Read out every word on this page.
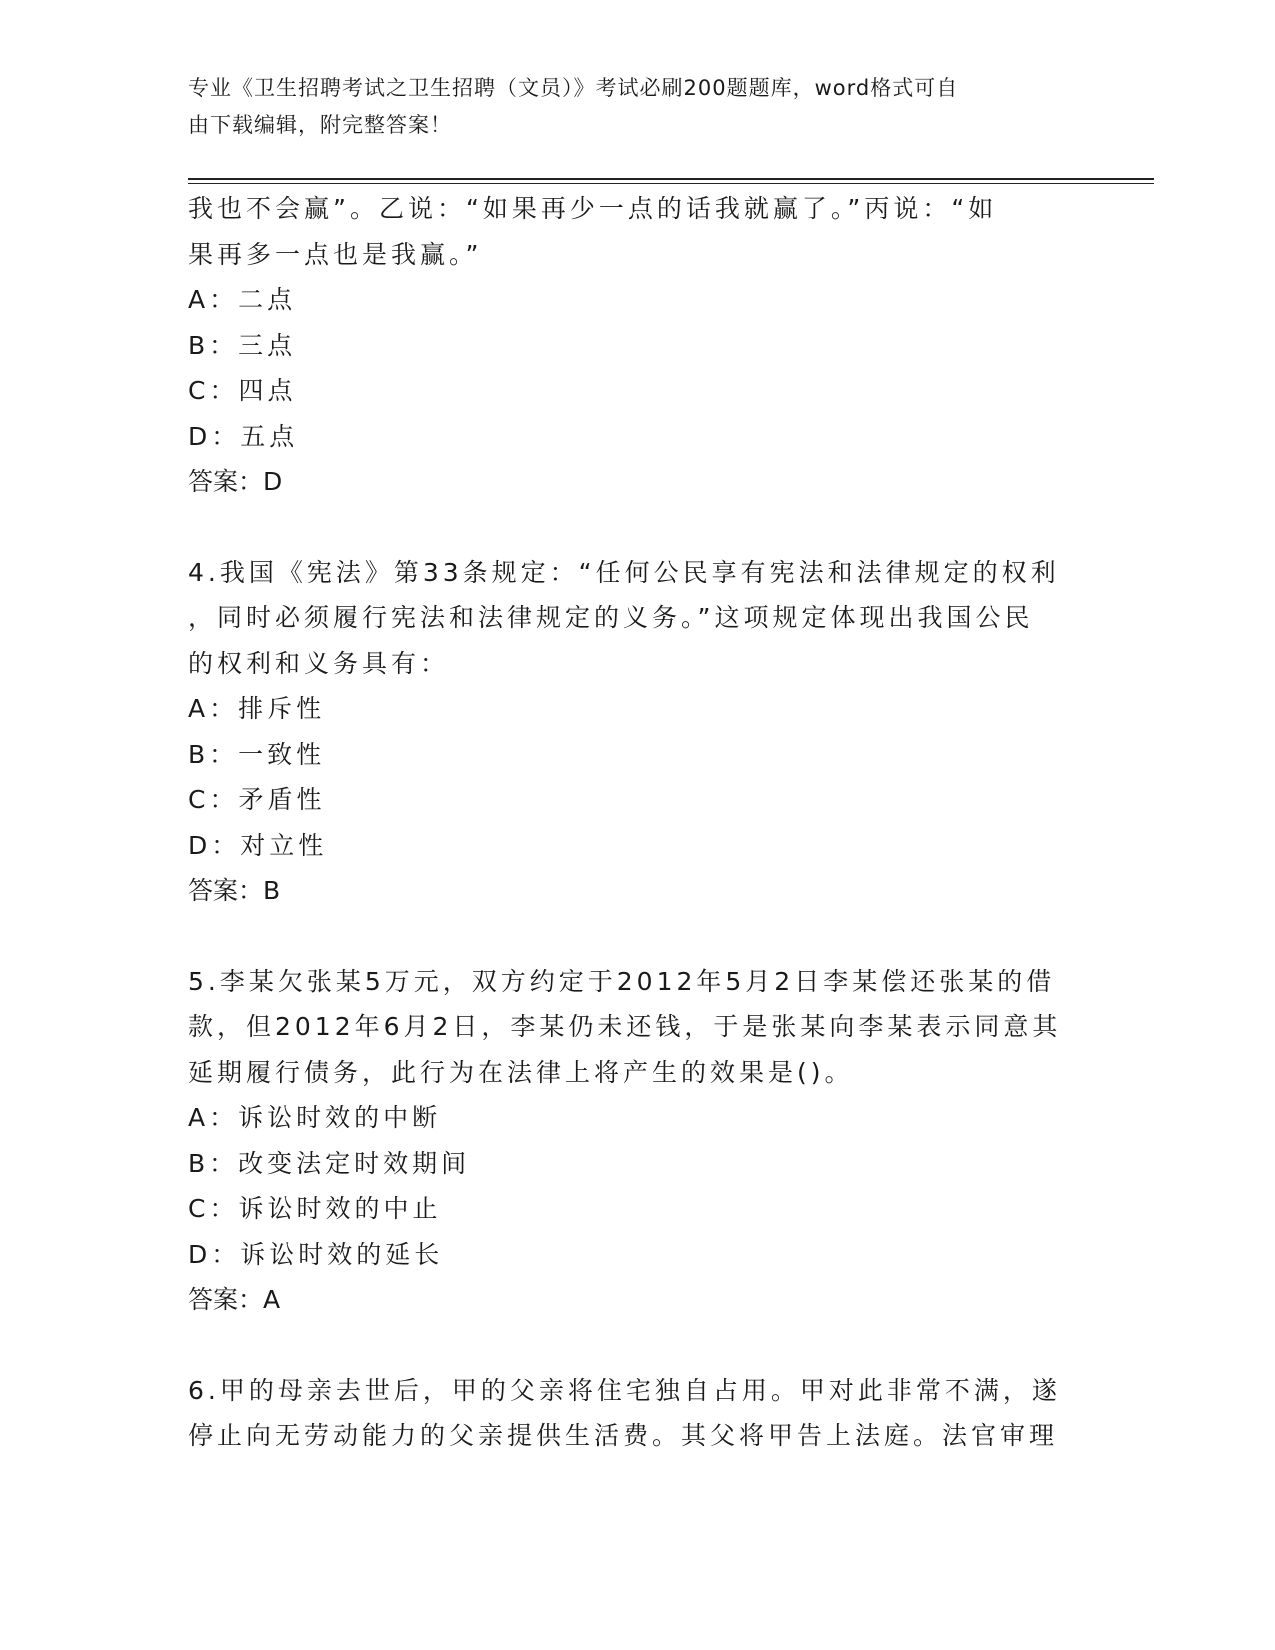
专业《卫生招聘考试之卫生招聘（文员）》考试必刷200题题库，word格式可自
由下载编辑，附完整答案！
我也不会赢”。乙说：“如果再少一点的话我就赢了。”丙说：“如
果再多一点也是我赢。”
A：二点
B：三点
C：四点
D：五点
答案：D
4.我国《宪法》第33条规定：“任何公民享有宪法和法律规定的权利
，同时必须履行宪法和法律规定的义务。”这项规定体现出我国公民
的权利和义务具有：
A：排斥性
B：一致性
C：矛盾性
D：对立性
答案：B
5.李某欠张某5万元，双方约定于2012年5月2日李某偿还张某的借
款，但2012年6月2日，李某仍未还钱，于是张某向李某表示同意其
延期履行债务，此行为在法律上将产生的效果是()。
A：诉讼时效的中断
B：改变法定时效期间
C：诉讼时效的中止
D：诉讼时效的延长
答案：A
6.甲的母亲去世后，甲的父亲将住宅独自占用。甲对此非常不满，遂
停止向无劳动能力的父亲提供生活费。其父将甲告上法庭。法官审理
